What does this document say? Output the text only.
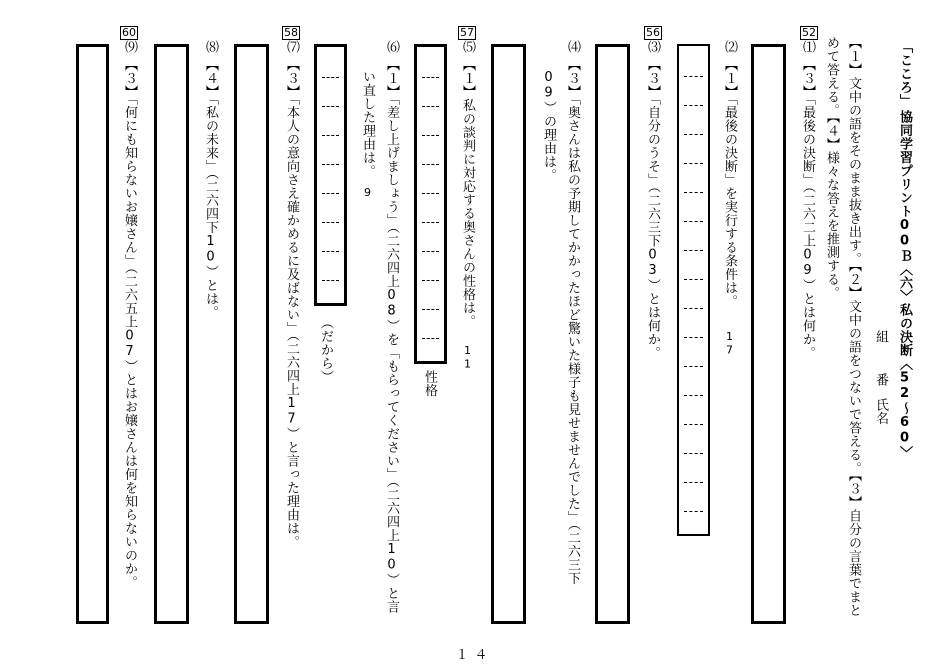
「こころ」
協同学習プリント00Ｂ〈六〉私の決断〈52〜60〉
組
番
氏名
【１】文中の語をそのまま抜き出す。【２】文中の語をつないで答える。【３】自分の言葉でまと
めて答える。【４】様々な答えを推測する。
52
56
57
58
60
⑴
【３】「最後の決断」（二六二上09）とは何か。
⑵
【１】「最後の決断」を実行する条件は。
17
⑶
【３】「自分のうそ」（二六三下03）とは何か。
⑷
【３】「奥さんは私の予期してかかったほど驚いた様子も見せませんでした」（二六三下
09）の理由は。
⑸
【１】私の談判に対応する奥さんの性格は。
11
性格
⑹
【１】「差し上げましょう」（二六四上08）を「もらってください」（二六四上10）と言
い直した理由は。
9
⑺
【３】「本人の意向さえ確かめるに及ばない」（二六四上17）と言った理由は。 （だから）
⑻
【４】「私の未来」（二六四下10）とは。
⑼
【３】「何にも知らないお嬢さん」（二六五上07）とはお嬢さんは何を知らないのか。
１４
